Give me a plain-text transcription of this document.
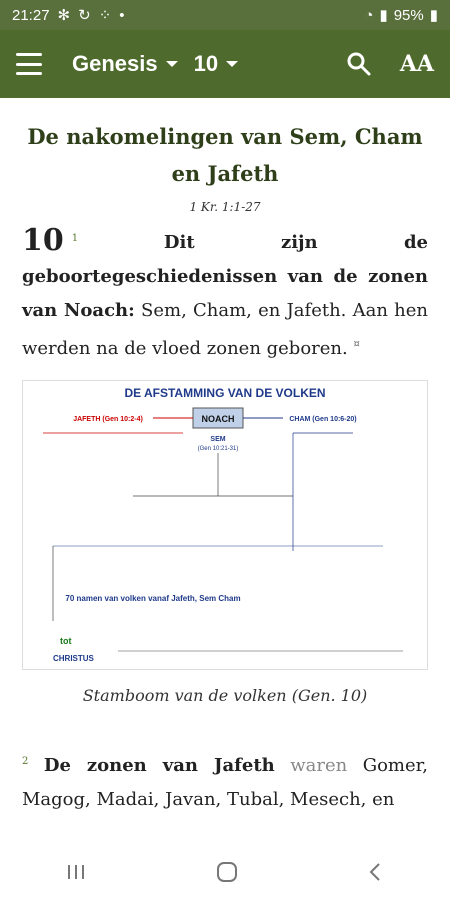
21:27 ✻ ↻ ⁘ •	◔ ▮ 95% ▮
Genesis 10	AA
De nakomelingen van Sem, Cham en Jafeth
1 Kr. 1:1-27
10 $^1$	Dit zijn de geboortegeschiedenissen van de zonen van Noach: Sem, Cham, en Jafeth. Aan hen werden na de vloed zonen geboren. ¤
DE AFSTAMMING VAN DE VOLKEN
JAFETH (Gen 10:2-4)	NOACH	CHAM (Gen 10:6-20)
SEM
(Gen 10:21-31)
70 namen van volken vanaf Jafeth, Sem Cham
tot
CHRISTUS
Stamboom van de volken (Gen. 10)
$^2$ De zonen van Jafeth waren Gomer, Magog, Madai, Javan, Tubal, Mesech, en
